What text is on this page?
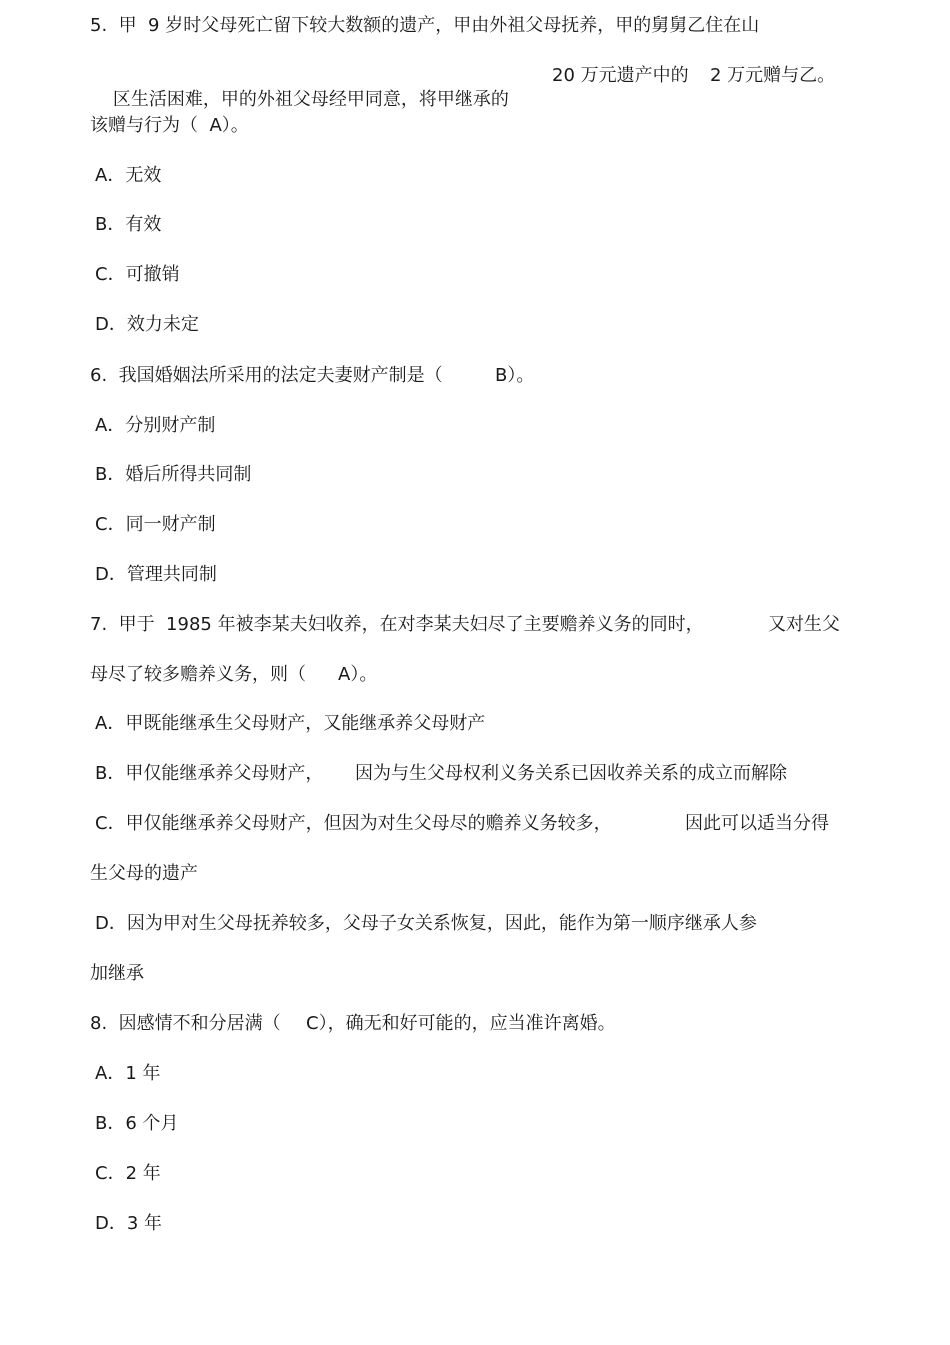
5.  甲  9 岁时父母死亡留下较大数额的遗产，甲由外祖父母抚养，甲的舅舅乙住在山

区生活困难，甲的外祖父母经甲同意，将甲继承的

20 万元遗产中的 2 万元赠与乙。
该赠与行为（  A）。
A．无效
B．有效
C．可撤销
D．效力未定
6.  我国婚姻法所采用的法定夫妻财产制是（	B）。
A．分别财产制
B．婚后所得共同制
C．同一财产制
D．管理共同制
7.  甲于  1985 年被李某夫妇收养，在对李某夫妇尽了主要赡养义务的同时，	又对生父
母尽了较多赡养义务，则（ A）。
A．甲既能继承生父母财产，又能继承养父母财产
B．甲仅能继承养父母财产， 因为与生父母权利义务关系已因收养关系的成立而解除
C．甲仅能继承养父母财产，但因为对生父母尽的赡养义务较多，	因此可以适当分得
生父母的遗产
D．因为甲对生父母抚养较多，父母子女关系恢复，因此，能作为第一顺序继承人参
加继承
8.  因感情不和分居满（ C），确无和好可能的，应当准许离婚。
A．1 年
B．6 个月
C．2 年
D．3 年
